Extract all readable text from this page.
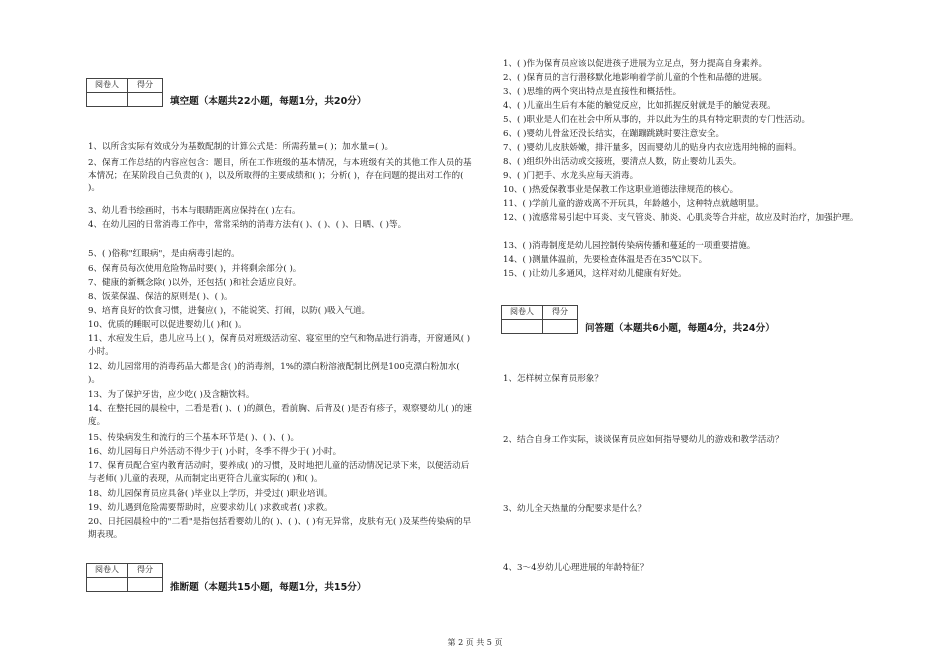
阅卷人	得分

填空题（本题共22小题，每题1分，共20分）
1、以所含实际有效成分为基数配制的计算公式是：所需药量=( )；加水量=( )。
2、保育工作总结的内容应包含：题目，所在工作班级的基本情况，与本班级有关的其他工作人员的基本情况；在某阶段自己负责的( )，以及所取得的主要成绩和( )；分析( )，存在问题的提出对工作的( )。
3、幼儿看书绘画时，书本与眼睛距离应保持在( )左右。
4、在幼儿园的日常消毒工作中，常常采纳的消毒方法有( )、( )、( )、日晒、( )等。
5、( )俗称"红眼病"，是由病毒引起的。
6、保育员每次使用危险物品时要( )，并将剩余部分( )。
7、健康的新概念除( )以外，还包括( )和社会适应良好。
8、饭菜保温、保洁的原则是( )、( )。
9、培育良好的饮食习惯，进餐应( )，不能说笑、打闹，以防( )吸入气道。
10、优质的睡眠可以促进婴幼儿( )和( )。
11、水痘发生后，患儿应马上( )，保育员对班级活动室、寝室里的空气和物品进行消毒，开窗通风( )小时。
12、幼儿园常用的消毒药品大都是含( )的消毒剂，1%的漂白粉溶液配制比例是100克漂白粉加水( )。
13、为了保护牙齿，应少吃( )及含糖饮料。
14、在整托园的晨检中，二看是看( )、( )的颜色，看前胸、后背及( )是否有疹子，观察婴幼儿( )的速度。
15、传染病发生和流行的三个基本环节是( )、( )、( )。
16、幼儿园每日户外活动不得少于( )小时，冬季不得少于( )小时。
17、保育员配合室内教育活动时，要养成( )的习惯，及时地把儿童的活动情况记录下来，以便活动后与老师( )儿童的表现，从而制定出更符合儿童实际的( )和( )。
18、幼儿园保育员应具备( )毕业以上学历，并受过( )职业培训。
19、幼儿遇到危险需要帮助时，应要求幼儿( )求救或者( )求救。
20、日托园晨检中的"二看"是指包括看婴幼儿的( )、( )、( )有无异常，皮肤有无( )及某些传染病的早期表现。
阅卷人	得分

推断题（本题共15小题，每题1分，共15分）
1、( )作为保育员应该以促进孩子进展为立足点，努力提高自身素养。
2、( )保育员的言行潜移默化地影响着学前儿童的个性和品德的进展。
3、( )思维的两个突出特点是直接性和概括性。
4、( )儿童出生后有本能的触觉反应，比如抓握反射就是手的触觉表现。
5、( )职业是人们在社会中所从事的，并以此为生的具有特定职责的专门性活动。
6、( )婴幼儿骨盆还没长结实，在蹦蹦跳跳时要注意安全。
7、( )婴幼儿皮肤娇嫩，排汗量多，因而婴幼儿的贴身内衣应选用纯棉的面料。
8、( )组织外出活动或交接班，要清点人数，防止婴幼儿丢失。
9、( )门把手、水龙头应每天消毒。
10、( )热爱保教事业是保教工作这职业道德法律规范的核心。
11、( )学前儿童的游戏离不开玩具，年龄越小，这种特点就越明显。
12、( )流感常易引起中耳炎、支气管炎、肺炎、心肌炎等合并症，故应及时治疗，加强护理。
13、( )消毒制度是幼儿园控制传染病传播和蔓延的一项重要措施。
14、( )测量体温前，先要检查体温是否在35℃以下。
15、( )让幼儿多通风，这样对幼儿健康有好处。
阅卷人	得分

问答题（本题共6小题，每题4分，共24分）
1、怎样树立保育员形象？
2、结合自身工作实际，谈谈保育员应如何指导婴幼儿的游戏和教学活动？
3、幼儿全天热量的分配要求是什么？
4、3～4岁幼儿心理进展的年龄特征？
第 2 页 共 5 页
